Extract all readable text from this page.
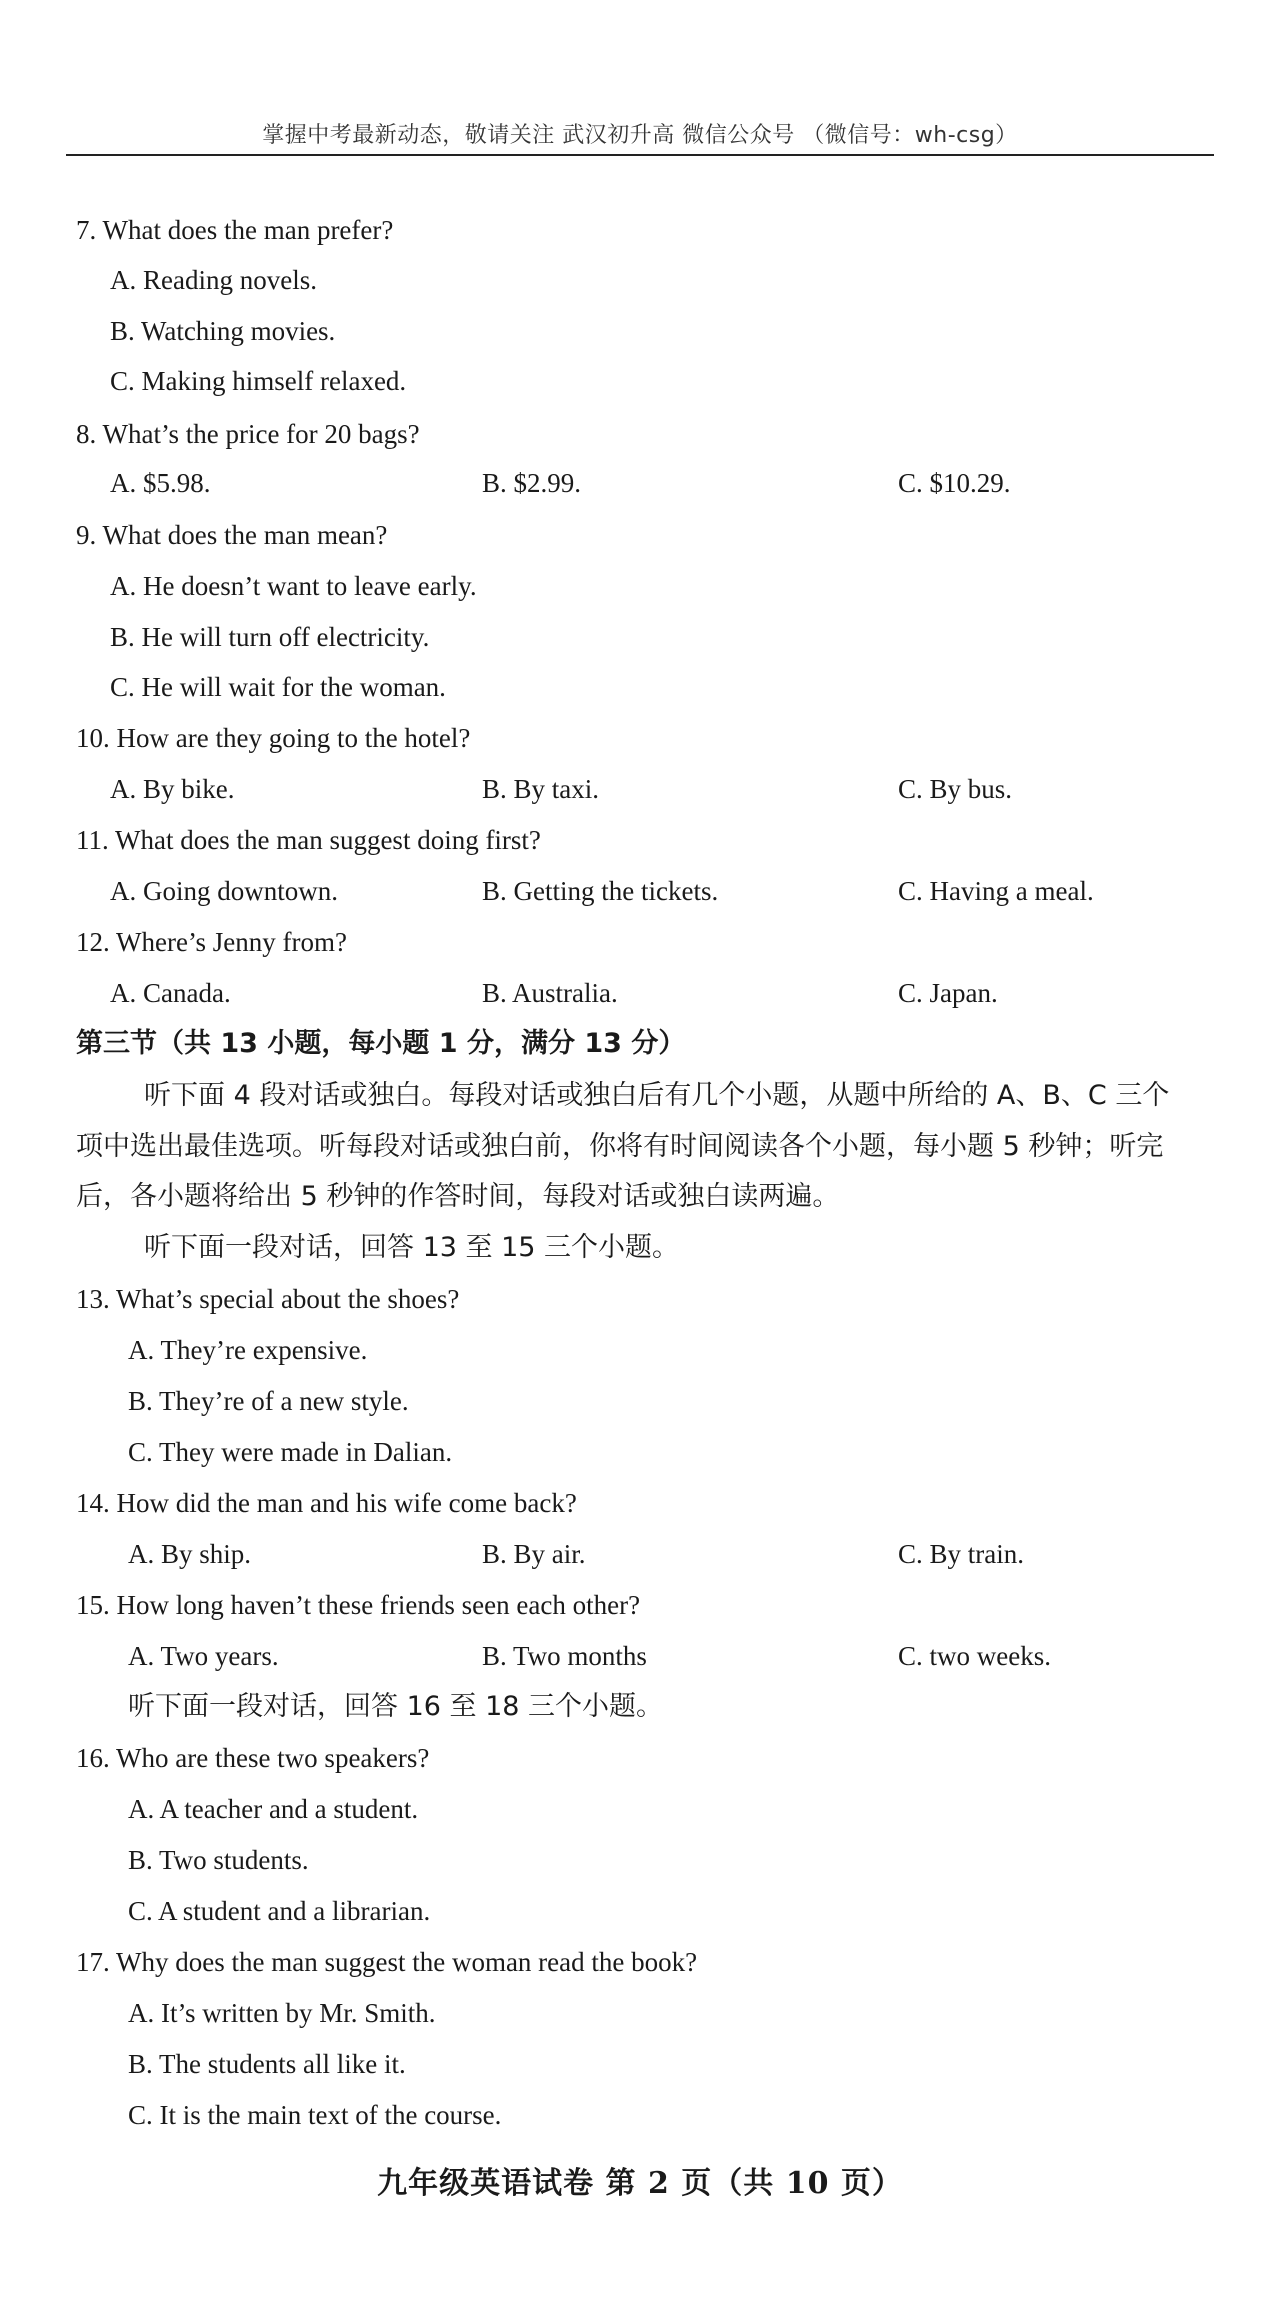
掌握中考最新动态，敬请关注 武汉初升高 微信公众号 （微信号：wh-csg）
7. What does the man prefer?
A. Reading novels.
B. Watching movies.
C. Making himself relaxed.
8. What’s the price for 20 bags?
A. $5.98.	B. $2.99.	C. $10.29.
9. What does the man mean?
A. He doesn’t want to leave early.
B. He will turn off electricity.
C. He will wait for the woman.
10. How are they going to the hotel?
A. By bike.	B. By taxi.	C. By bus.
11. What does the man suggest doing first?
A. Going downtown.	B. Getting the tickets.	C. Having a meal.
12. Where’s Jenny from?
A. Canada.	B. Australia.	C. Japan.
第三节（共 13 小题，每小题 1 分，满分 13 分）
听下面 4 段对话或独白。每段对话或独白后有几个小题，从题中所给的 A、B、C 三个
项中选出最佳选项。听每段对话或独白前，你将有时间阅读各个小题，每小题 5 秒钟；听完
后，各小题将给出 5 秒钟的作答时间，每段对话或独白读两遍。
听下面一段对话，回答 13 至 15 三个小题。
13. What’s special about the shoes?
A. They’re expensive.
B. They’re of a new style.
C. They were made in Dalian.
14. How did the man and his wife come back?
A. By ship.	B. By air.	C. By train.
15. How long haven’t these friends seen each other?
A. Two years.	B. Two months	C. two weeks.
听下面一段对话，回答 16 至 18 三个小题。
16. Who are these two speakers?
A. A teacher and a student.
B. Two students.
C. A student and a librarian.
17. Why does the man suggest the woman read the book?
A. It’s written by Mr. Smith.
B. The students all like it.
C. It is the main text of the course.
九年级英语试卷 第 2 页（共 10 页）
